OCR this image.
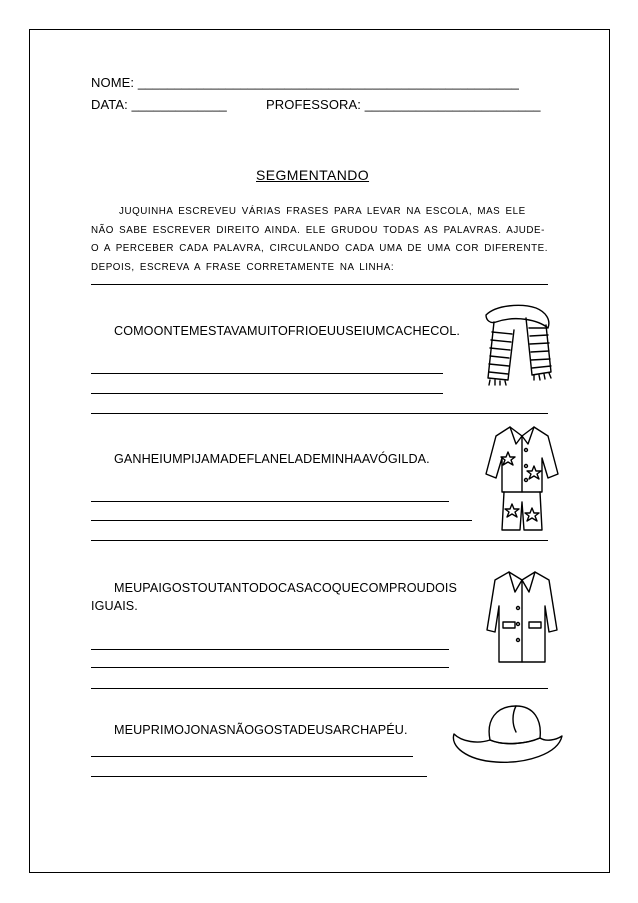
NOME: ____________________________________________________
DATA: _____________	PROFESSORA: ________________________
SEGMENTANDO
JUQUINHA ESCREVEU VÁRIAS FRASES PARA LEVAR NA ESCOLA, MAS ELE NÃO SABE ESCREVER DIREITO AINDA. ELE GRUDOU TODAS AS PALAVRAS. AJUDE-O A PERCEBER CADA PALAVRA, CIRCULANDO CADA UMA DE UMA COR DIFERENTE. DEPOIS, ESCREVA A FRASE CORRETAMENTE NA LINHA:
COMOONTEMESTAVAMUITOFRIOEUUSEIUMCACHECOL.
GANHEIUMPIJAMADEFLANELADEMINHAAVÓGILDA.
MEUPAIGOSTOUTANTODOCASACOQUECOMPROUDOIS
IGUAIS.
MEUPRIMOJONASNÃOGOSTADEUSARCHAPÉU.
